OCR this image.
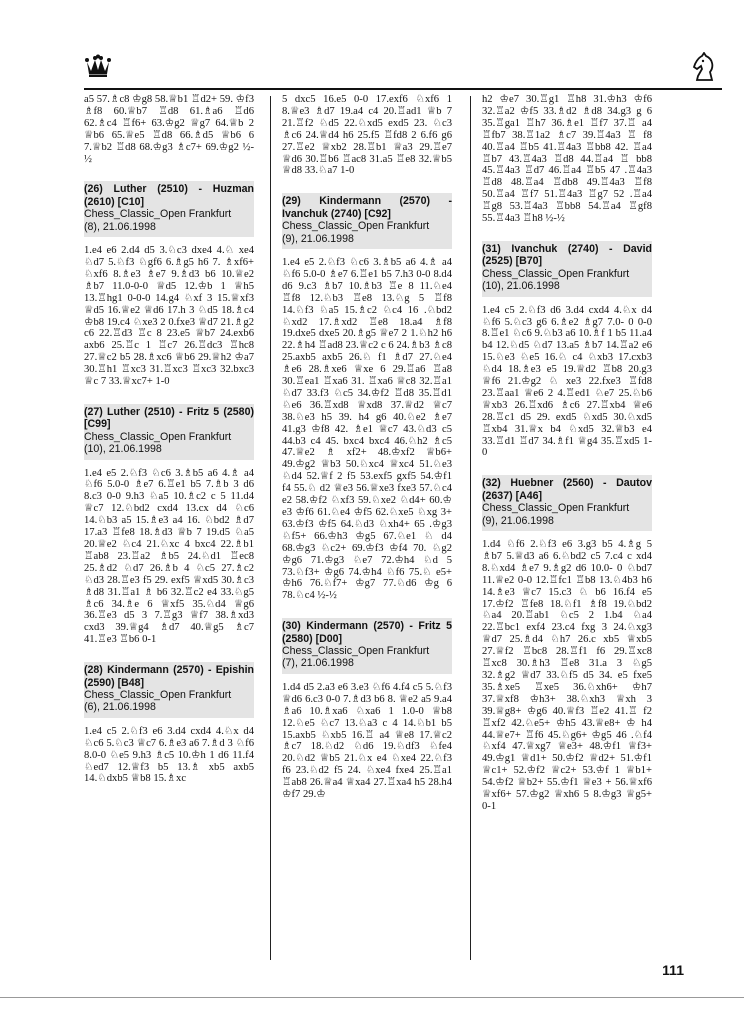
a5 57.♗c8 ♔g8 58.♕b1 ♖d2+ 59. ♔f3 ♗f8 60.♕b7 ♖d8 61.♗a6 ♖d6 62.♗c4 ♖f6+ 63.♔g2 ♕g7 64.♕b 2 ♕b6 65.♕e5 ♖d8 66.♗d5 ♕b6 6 7.♕b2 ♖d8 68.♔g3 ♗c7+ 69.♔g2 ½-½

(26) Luther (2510) - Huzman (2610) [C10]
Chess_Classic_Open Frankfurt
(8), 21.06.1998

1.e4 e6 2.d4 d5 3.♘c3 dxe4 4.♘ xe4 ♘d7 5.♘f3 ♘gf6 6.♗g5 h6 7. ♗xf6+ ♘xf6 8.♗e3 ♗e7 9.♗d3 b6 10.♕e2 ♗b7 11.0-0-0 ♕d5 12.♔b 1 ♕h5 13.♖hg1 0-0-0 14.g4 ♘xf 3 15.♕xf3 ♕d5 16.♕e2 ♕d6 17.h 3 ♘d5 18.♗c4 ♔b8 19.c4 ♘xe3 2 0.fxe3 ♕d7 21.♗g2 c6 22.♖d3 ♖c 8 23.e5 ♕b7 24.exb6 axb6 25.♖c 1 ♖c7 26.♖dc3 ♖hc8 27.♕c2 b5 28.♗xc6 ♕b6 29.♕h2 ♔a7 30.♖h1 ♖xc3 31.♖xc3 ♖xc3 32.bxc3 ♕c 7 33.♕xc7+ 1-0

(27) Luther (2510) - Fritz 5 (2580) [C99]
Chess_Classic_Open Frankfurt
(10), 21.06.1998

1.e4 e5 2.♘f3 ♘c6 3.♗b5 a6 4.♗ a4 ♘f6 5.0-0 ♗e7 6.♖e1 b5 7.♗b 3 d6 8.c3 0-0 9.h3 ♘a5 10.♗c2 c 5 11.d4 ♕c7 12.♘bd2 cxd4 13.cx d4 ♘c6 14.♘b3 a5 15.♗e3 a4 16. ♘bd2 ♗d7 17.a3 ♖fe8 18.♗d3 ♕b 7 19.d5 ♘a5 20.♕e2 ♘c4 21.♘xc 4 bxc4 22.♗b1 ♖ab8 23.♖a2 ♗b5 24.♘d1 ♖ec8 25.♗d2 ♘d7 26.♗b 4 ♘c5 27.♗c2 ♘d3 28.♖e3 f5 29. exf5 ♕xd5 30.♗c3 ♗d8 31.♖a1 ♗ b6 32.♖c2 e4 33.♘g5 ♗c6 34.♗e 6 ♕xf5 35.♘d4 ♕g6 36.♖e3 d5 3 7.♖g3 ♕f7 38.♗xd3 cxd3 39.♕g4 ♗d7 40.♕g5 ♗c7 41.♖e3 ♖b6 0-1

(28) Kindermann (2570) - Epishin (2590) [B48]
Chess_Classic_Open Frankfurt
(6), 21.06.1998

1.e4 c5 2.♘f3 e6 3.d4 cxd4 4.♘x d4 ♘c6 5.♘c3 ♕c7 6.♗e3 a6 7.♗d 3 ♘f6 8.0-0 ♘e5 9.h3 ♗c5 10.♔h 1 d6 11.f4 ♘ed7 12.♕f3 b5 13.♗ xb5 axb5 14.♘dxb5 ♕b8 15.♗xc

5 dxc5 16.e5 0-0 17.exf6 ♘xf6 1 8.♕e3 ♗d7 19.a4 c4 20.♖ad1 ♕b 7 21.♖f2 ♘d5 22.♘xd5 exd5 23. ♘c3 ♗c6 24.♕d4 h6 25.f5 ♖fd8 2 6.f6 g6 27.♖e2 ♕xb2 28.♖b1 ♕a3 29.♖e7 ♕d6 30.♖b6 ♖ac8 31.a5 ♖e8 32.♕b5 ♕d8 33.♘a7 1-0

(29) Kindermann (2570) - Ivanchuk (2740) [C92]
Chess_Classic_Open Frankfurt
(9), 21.06.1998

1.e4 e5 2.♘f3 ♘c6 3.♗b5 a6 4.♗ a4 ♘f6 5.0-0 ♗e7 6.♖e1 b5 7.h3 0-0 8.d4 d6 9.c3 ♗b7 10.♗b3 ♖e 8 11.♘e4 ♖f8 12.♘b3 ♖e8 13.♘g 5 ♖f8 14.♘f3 ♘a5 15.♗c2 ♘c4 16 .♘bd2 ♘xd2 17.♗xd2 ♖e8 18.a4 ♗f8 19.dxe5 dxe5 20.♗g5 ♕e7 2 1.♘h2 h6 22.♗h4 ♖ad8 23.♕c2 c 6 24.♗b3 ♗c8 25.axb5 axb5 26.♘ f1 ♗d7 27.♘e4 ♗e6 28.♗xe6 ♕xe 6 29.♖a6 ♖a8 30.♖ea1 ♖xa6 31. ♖xa6 ♕c8 32.♖a1 ♘d7 33.f3 ♘c5 34.♔f2 ♖d8 35.♖d1 ♘e6 36.♖xd8 ♕xd8 37.♕d2 ♕c7 38.♘e3 h5 39. h4 g6 40.♘e2 ♗e7 41.g3 ♔f8 42. ♗e1 ♕c7 43.♘d3 c5 44.b3 c4 45. bxc4 bxc4 46.♘h2 ♗c5 47.♕e2 ♗ xf2+ 48.♔xf2 ♕b6+ 49.♔g2 ♕b3 50.♘xc4 ♕xc4 51.♘e3 ♘d4 52.♕f 2 f5 53.exf5 gxf5 54.♔f1 f4 55.♘ d2 ♕e3 56.♕xe3 fxe3 57.♘c4 e2 58.♔f2 ♘xf3 59.♘xe2 ♘d4+ 60.♔ e3 ♔f6 61.♘e4 ♔f5 62.♘xe5 ♘xg 3+ 63.♔f3 ♔f5 64.♘d3 ♘xh4+ 65 .♔g3 ♘f5+ 66.♔h3 ♔g5 67.♘e1 ♘ d4 68.♔g3 ♘c2+ 69.♔f3 ♔f4 70. ♘g2 ♔g6 71.♔g3 ♘e7 72.♔h4 ♘d 5 73.♘f3+ ♔g6 74.♔h4 ♘f6 75.♘ e5+ ♔h6 76.♘f7+ ♔g7 77.♘d6 ♔g 6 78.♘c4 ½-½

(30) Kindermann (2570) - Fritz 5 (2580) [D00]
Chess_Classic_Open Frankfurt
(7), 21.06.1998

1.d4 d5 2.a3 e6 3.e3 ♘f6 4.f4 c5 5.♘f3 ♕d6 6.c3 0-0 7.♗d3 b6 8. ♕e2 a5 9.a4 ♗a6 10.♗xa6 ♘xa6 1 1.0-0 ♕b8 12.♘e5 ♘c7 13.♘a3 c 4 14.♘b1 b5 15.axb5 ♘xb5 16.♖ a4 ♕e8 17.♕c2 ♗c7 18.♘d2 ♘d6 19.♘df3 ♘fe4 20.♘d2 ♕b5 21.♘x e4 ♘xe4 22.♘f3 f6 23.♘d2 f5 24. ♘xe4 fxe4 25.♖a1 ♖ab8 26.♕a4 ♕xa4 27.♖xa4 h5 28.h4 ♔f7 29.♔

h2 ♔e7 30.♖g1 ♖h8 31.♔h3 ♔f6 32.♖a2 ♔f5 33.♗d2 ♗d8 34.g3 g 6 35.♖ga1 ♖h7 36.♗e1 ♖f7 37.♖ a4 ♖fb7 38.♖1a2 ♗c7 39.♖4a3 ♖ f8 40.♖a4 ♖b5 41.♖4a3 ♖bb8 42. ♖a4 ♖b7 43.♖4a3 ♖d8 44.♖a4 ♖ bb8 45.♖4a3 ♖d7 46.♖a4 ♖b5 47 .♖4a3 ♖d8 48.♖a4 ♖db8 49.♖4a3 ♖f8 50.♖a4 ♖f7 51.♖4a3 ♖g7 52 .♖a4 ♖g8 53.♖4a3 ♖bb8 54.♖a4 ♖gf8 55.♖4a3 ♖h8 ½-½

(31) Ivanchuk (2740) - David (2525) [B70]
Chess_Classic_Open Frankfurt
(10), 21.06.1998

1.e4 c5 2.♘f3 d6 3.d4 cxd4 4.♘x d4 ♘f6 5.♘c3 g6 6.♗e2 ♗g7 7.0- 0 0-0 8.♖e1 ♘c6 9.♘b3 a6 10.♗f 1 b5 11.a4 b4 12.♘d5 ♘d7 13.a5 ♗b7 14.♖a2 e6 15.♘e3 ♘e5 16.♘ c4 ♘xb3 17.cxb3 ♘d4 18.♗e3 e5 19.♕d2 ♖b8 20.g3 ♕f6 21.♔g2 ♘ xe3 22.fxe3 ♖fd8 23.♖aa1 ♕e6 2 4.♖ed1 ♘e7 25.♘b6 ♕xb3 26.♖xd6 ♗c6 27.♖xb4 ♕e6 28.♖c1 d5 29. exd5 ♘xd5 30.♘xd5 ♖xb4 31.♕x b4 ♘xd5 32.♕b3 e4 33.♖d1 ♖d7 34.♗f1 ♕g4 35.♖xd5 1-0

(32) Huebner (2560) - Dautov (2637) [A46]
Chess_Classic_Open Frankfurt
(9), 21.06.1998

1.d4 ♘f6 2.♘f3 e6 3.g3 b5 4.♗g 5 ♗b7 5.♕d3 a6 6.♘bd2 c5 7.c4 c xd4 8.♘xd4 ♗e7 9.♗g2 d6 10.0- 0 ♘bd7 11.♕e2 0-0 12.♖fc1 ♖b8 13.♘4b3 h6 14.♗e3 ♕c7 15.c3 ♘ b6 16.f4 e5 17.♔f2 ♖fe8 18.♘f1 ♗f8 19.♘bd2 ♘a4 20.♖ab1 ♘c5 2 1.b4 ♘a4 22.♖bc1 exf4 23.c4 fxg 3 24.♘xg3 ♕d7 25.♗d4 ♘h7 26.c xb5 ♕xb5 27.♕f2 ♖bc8 28.♖f1 f6 29.♖xc8 ♖xc8 30.♗h3 ♖e8 31.a 3 ♘g5 32.♗g2 ♕d7 33.♘f5 d5 34. e5 fxe5 35.♗xe5 ♖xe5 36.♘xh6+ ♔h7 37.♕xf8 ♔h3+ 38.♘xh3 ♕xh 3 39.♕g8+ ♔g6 40.♕f3 ♖e2 41.♖ f2 ♖xf2 42.♘e5+ ♔h5 43.♕e8+ ♔ h4 44.♕e7+ ♖f6 45.♘g6+ ♔g5 46 .♘f4 ♘xf4 47.♕xg7 ♕e3+ 48.♔f1 ♕f3+ 49.♔g1 ♕d1+ 50.♔f2 ♕d2+ 51.♔f1 ♕c1+ 52.♔f2 ♕c2+ 53.♔f 1 ♕b1+ 54.♔f2 ♕b2+ 55.♔f1 ♕e3 + 56.♕xf6 ♕xf6+ 57.♔g2 ♕xh6 5 8.♔g3 ♕g5+ 0-1

111
